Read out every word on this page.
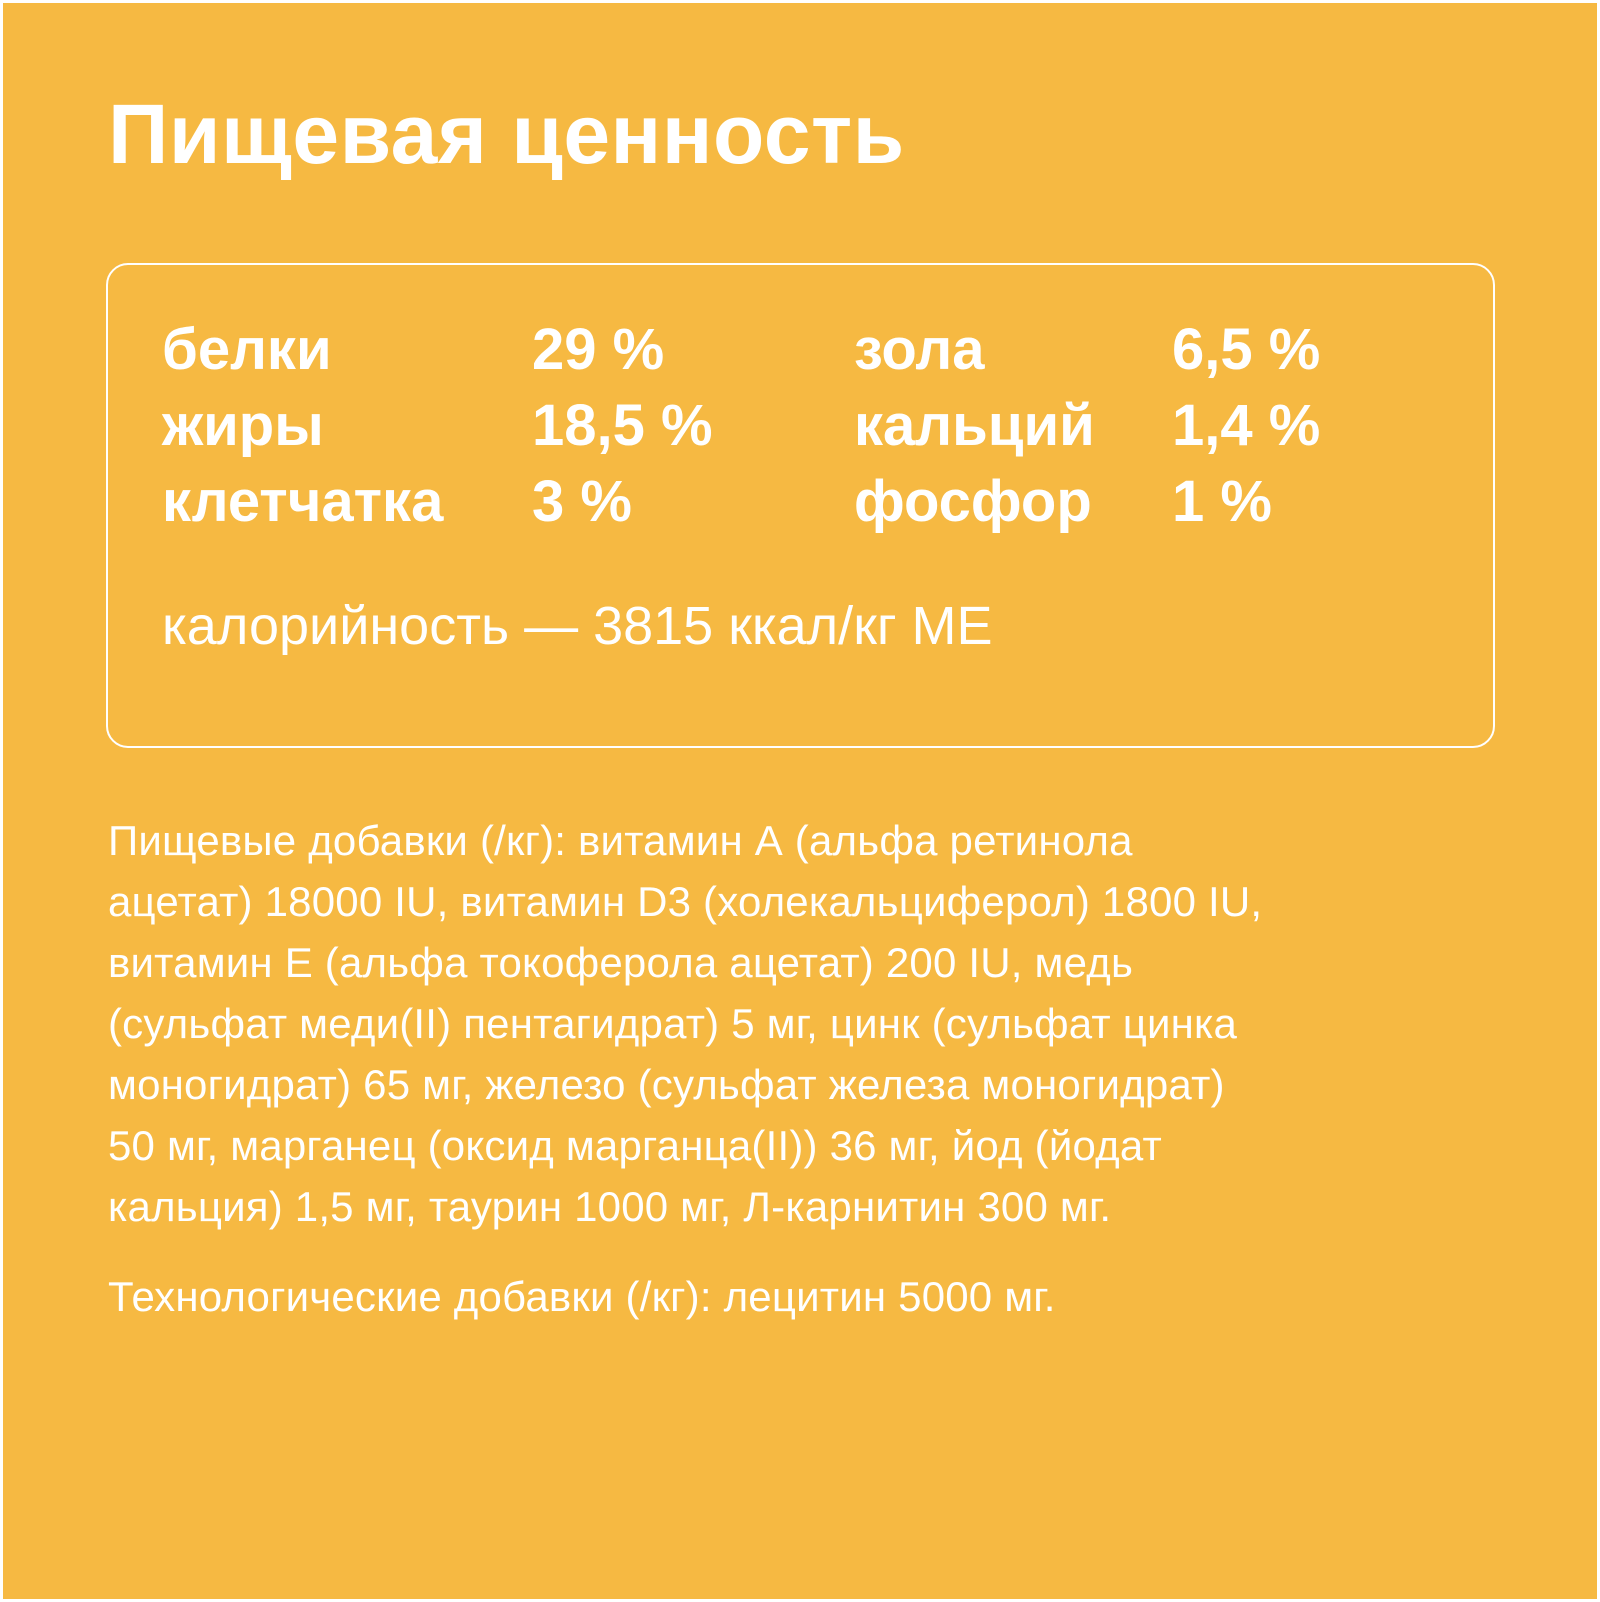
Пищевая ценность
белки	29 %	зола	6,5 %
жиры	18,5 % кальций 1,4 %
клетчатка 3 %	фосфор 1 %
калорийность — 3815 ккал/кг МЕ
Пищевые добавки (/кг): витамин А (альфа ретинола
ацетат) 18000 IU, витамин D3 (холекальциферол) 1800 IU,
витамин Е (альфа токоферола ацетат) 200 IU, медь
(сульфат меди(II) пентагидрат) 5 мг, цинк (сульфат цинка
моногидрат) 65 мг, железо (сульфат железа моногидрат)
50 мг, марганец (оксид марганца(II)) 36 мг, йод (йодат
кальция) 1,5 мг, таурин 1000 мг, Л-карнитин 300 мг.

Технологические добавки (/кг): лецитин 5000 мг.
